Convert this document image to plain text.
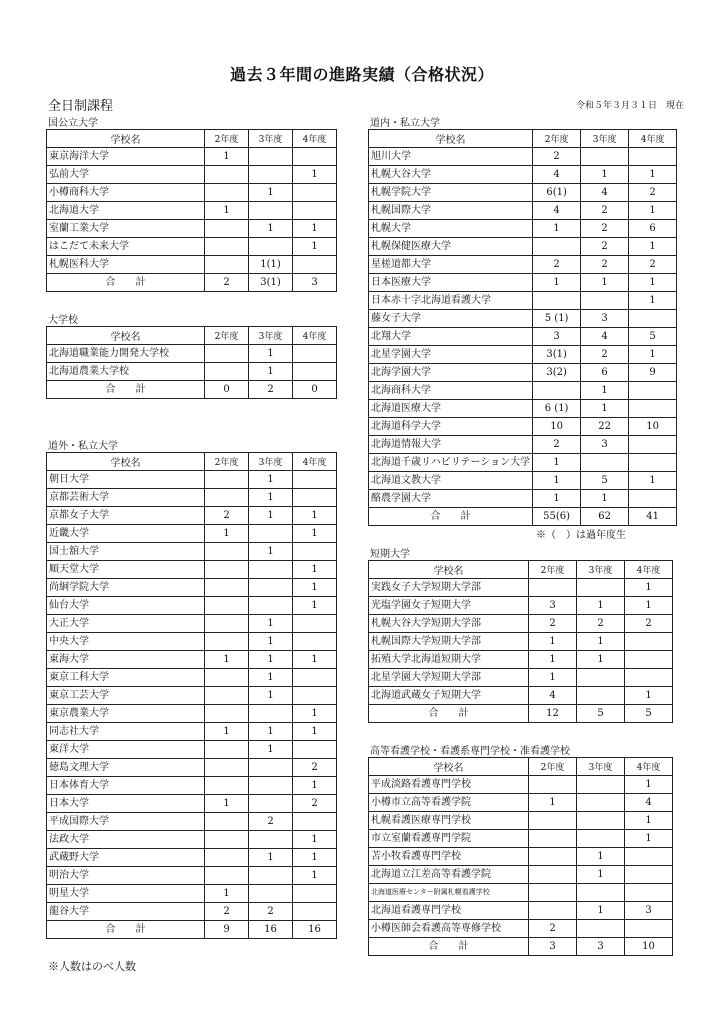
過去３年間の進路実績（合格状況）
全日制課程	令和５年３月３１日　現在
国公立大学
学校名	2年度	3年度	4年度
東京海洋大学	1		
弘前大学			1
小樽商科大学		1	
北海道大学	1		
室蘭工業大学		1	1
はこだて未来大学			1
札幌医科大学		1(1)	
合　　計	2	3(1)	3
大学校
学校名	2年度	3年度	4年度
北海道職業能力開発大学校		1	
北海道農業大学校		1	
合　　計	0	2	0
道外・私立大学
学校名	2年度	3年度	4年度
朝日大学		1	
京都芸術大学		1	
京都女子大学	2	1	1
近畿大学	1		1
国士舘大学		1	
順天堂大学			1
尚絅学院大学			1
仙台大学			1
大正大学		1	
中央大学		1	
東海大学	1	1	1
東京工科大学		1	
東京工芸大学		1	
東京農業大学			1
同志社大学	1	1	1
東洋大学		1	
徳島文理大学			2
日本体育大学			1
日本大学	1		2
平成国際大学		2	
法政大学			1
武蔵野大学		1	1
明治大学			1
明星大学	1		
龍谷大学	2	2	
合　　計	9	16	16
道内・私立大学
学校名	2年度	3年度	4年度
旭川大学	2		
札幌大谷大学	4	1	1
札幌学院大学	6(1)	4	2
札幌国際大学	4	2	1
札幌大学	1	2	6
札幌保健医療大学		2	1
星槎道都大学	2	2	2
日本医療大学	1	1	1
日本赤十字北海道看護大学			1
藤女子大学	5 (1)	3	
北翔大学	3	4	5
北星学園大学	3(1)	2	1
北海学園大学	3(2)	6	9
北海商科大学		1	
北海道医療大学	6 (1)	1	
北海道科学大学	10	22	10
北海道情報大学	2	3	
北海道千歳リハビリテーション大学	1		
北海道文教大学	1	5	1
酪農学園大学	1	1	
合　　計	55(6)	62	41
※（　）は過年度生
短期大学
学校名	2年度	3年度	4年度
実践女子大学短期大学部			1
光塩学園女子短期大学	3	1	1
札幌大谷大学短期大学部	2	2	2
札幌国際大学短期大学部	1	1	
拓殖大学北海道短期大学	1	1	
北星学園大学短期大学部	1		
北海道武蔵女子短期大学	4		1
合　　計	12	5	5
高等看護学校・看護系専門学校・准看護学校
学校名	2年度	3年度	4年度
平成淡路看護専門学校			1
小樽市立高等看護学院	1		4
札幌看護医療専門学校			1
市立室蘭看護専門学院			1
苫小牧看護専門学校		1	
北海道立江差高等看護学院		1	
北海道医療センター附属札幌看護学校			
北海道看護専門学校		1	3
小樽医師会看護高等専修学校	2		
合　　計	3	3	10
※人数はのべ人数
